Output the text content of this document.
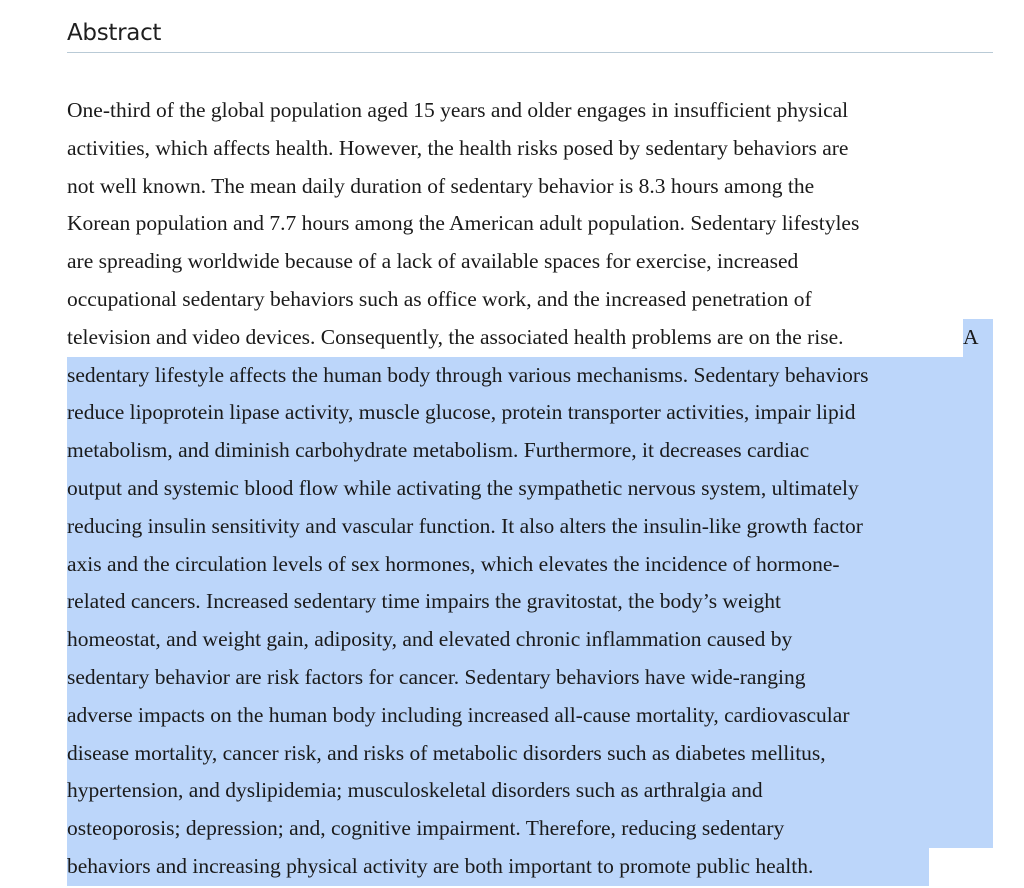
Abstract
One-third of the global population aged 15 years and older engages in insufficient physical
activities, which affects health. However, the health risks posed by sedentary behaviors are
not well known. The mean daily duration of sedentary behavior is 8.3 hours among the
Korean population and 7.7 hours among the American adult population. Sedentary lifestyles
are spreading worldwide because of a lack of available spaces for exercise, increased
occupational sedentary behaviors such as office work, and the increased penetration of
television and video devices. Consequently, the associated health problems are on the rise.	A
sedentary lifestyle affects the human body through various mechanisms. Sedentary behaviors
reduce lipoprotein lipase activity, muscle glucose, protein transporter activities, impair lipid
metabolism, and diminish carbohydrate metabolism. Furthermore, it decreases cardiac
output and systemic blood flow while activating the sympathetic nervous system, ultimately
reducing insulin sensitivity and vascular function. It also alters the insulin-like growth factor
axis and the circulation levels of sex hormones, which elevates the incidence of hormone-
related cancers. Increased sedentary time impairs the gravitostat, the body’s weight
homeostat, and weight gain, adiposity, and elevated chronic inflammation caused by
sedentary behavior are risk factors for cancer. Sedentary behaviors have wide-ranging
adverse impacts on the human body including increased all-cause mortality, cardiovascular
disease mortality, cancer risk, and risks of metabolic disorders such as diabetes mellitus,
hypertension, and dyslipidemia; musculoskeletal disorders such as arthralgia and
osteoporosis; depression; and, cognitive impairment. Therefore, reducing sedentary
behaviors and increasing physical activity are both important to promote public health.
